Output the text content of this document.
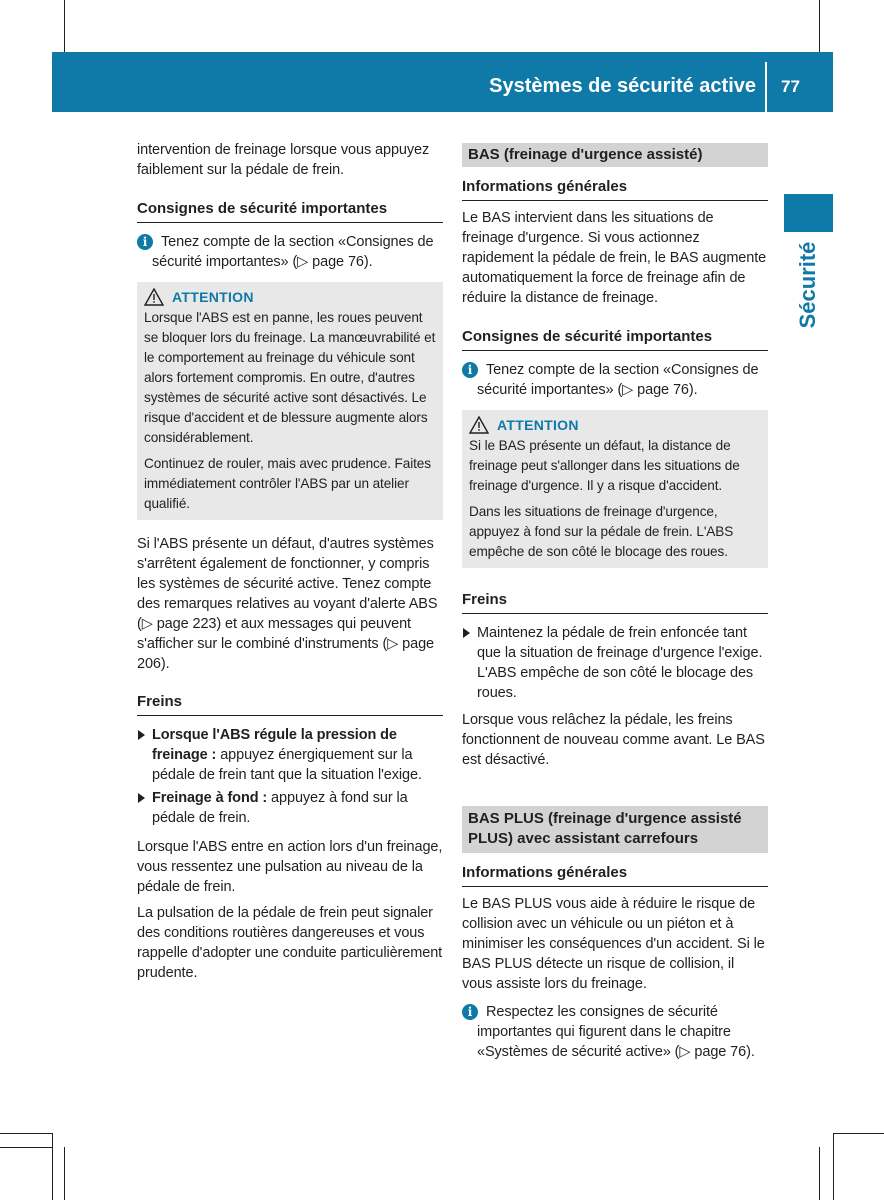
Systèmes de sécurité active 77
Sécurité

intervention de freinage lorsque vous appuyez faiblement sur la pédale de frein.

Consignes de sécurité importantes
i Tenez compte de la section «Consignes de sécurité importantes» (▷ page 76).

ATTENTION

Lorsque l'ABS est en panne, les roues peuvent se bloquer lors du freinage. La manœuvrabilité et le comportement au freinage du véhicule sont alors fortement compromis. En outre, d'autres systèmes de sécurité active sont désactivés. Le risque d'accident et de blessure augmente alors considérablement.

Continuez de rouler, mais avec prudence. Faites immédiatement contrôler l'ABS par un atelier qualifié.

Si l'ABS présente un défaut, d'autres systèmes s'arrêtent également de fonctionner, y compris les systèmes de sécurité active. Tenez compte des remarques relatives au voyant d'alerte ABS (▷ page 223) et aux messages qui peuvent s'afficher sur le combiné d'instruments (▷ page 206).

Freins

Lorsque l'ABS régule la pression de freinage : appuyez énergiquement sur la pédale de frein tant que la situation l'exige.

Freinage à fond : appuyez à fond sur la pédale de frein.

Lorsque l'ABS entre en action lors d'un freinage, vous ressentez une pulsation au niveau de la pédale de frein.

La pulsation de la pédale de frein peut signaler des conditions routières dangereuses et vous rappelle d'adopter une conduite particulièrement prudente.

BAS (freinage d'urgence assisté)
Informations générales

Le BAS intervient dans les situations de freinage d'urgence. Si vous actionnez rapidement la pédale de frein, le BAS augmente automatiquement la force de freinage afin de réduire la distance de freinage.

Consignes de sécurité importantes
i Tenez compte de la section «Consignes de sécurité importantes» (▷ page 76).

ATTENTION

Si le BAS présente un défaut, la distance de freinage peut s'allonger dans les situations de freinage d'urgence. Il y a risque d'accident.

Dans les situations de freinage d'urgence, appuyez à fond sur la pédale de frein. L'ABS empêche de son côté le blocage des roues.

Freins

Maintenez la pédale de frein enfoncée tant que la situation de freinage d'urgence l'exige.

L'ABS empêche de son côté le blocage des roues.

Lorsque vous relâchez la pédale, les freins fonctionnent de nouveau comme avant. Le BAS est désactivé.

BAS PLUS (freinage d'urgence assisté PLUS) avec assistant carrefours
Informations générales

Le BAS PLUS vous aide à réduire le risque de collision avec un véhicule ou un piéton et à minimiser les conséquences d'un accident. Si le BAS PLUS détecte un risque de collision, il vous assiste lors du freinage.

i Respectez les consignes de sécurité importantes qui figurent dans le chapitre «Systèmes de sécurité active» (▷ page 76).
